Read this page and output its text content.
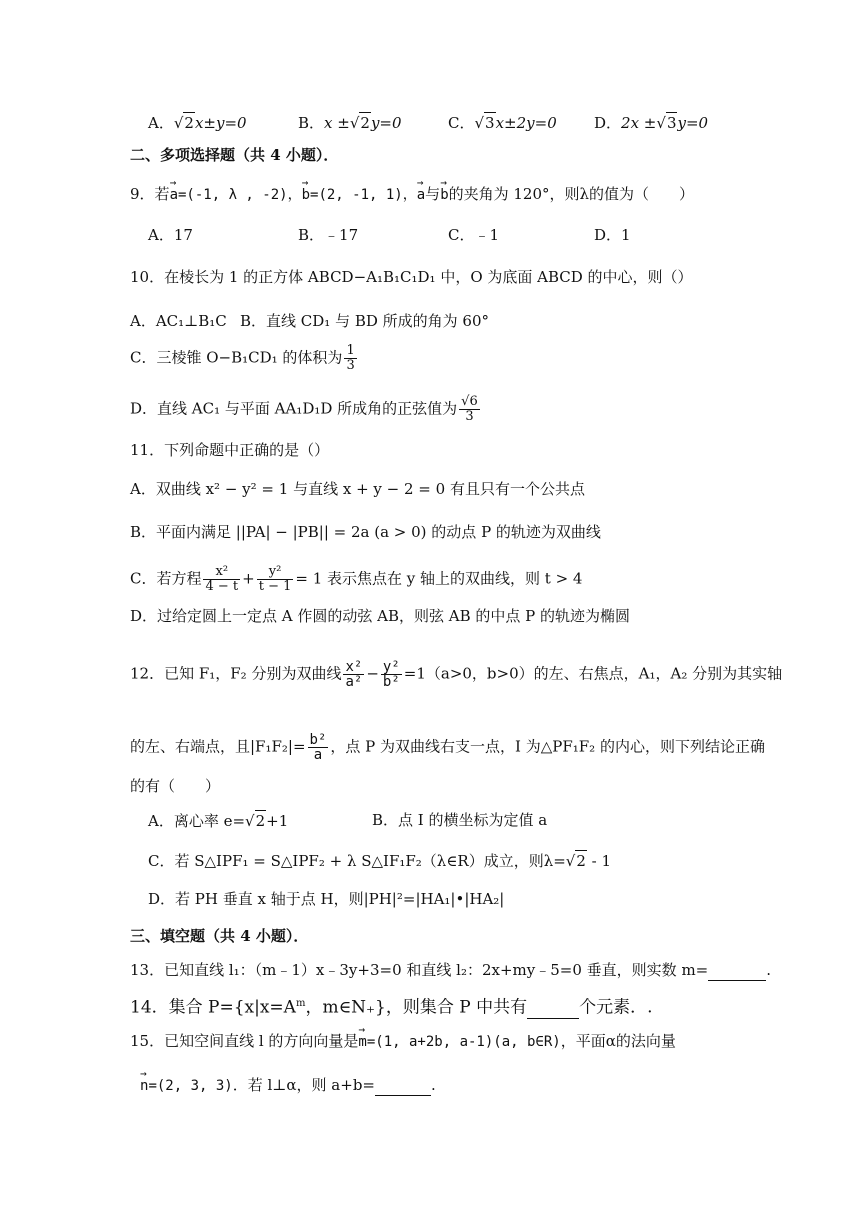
A．√2x±y=0	B．x ±√2y=0	C．√3x±2y=0 D．2x ±√3y=0
二、多项选择题（共 4 小题）．
9．若→ a=(-1, λ , -2)，→ b=(2, -1, 1)，→ a与→ b的夹角为 120°，则λ的值为（　　）
A．17	B．﹣17	C．﹣1	D．1
10．在棱长为 1 的正方体 ABCD−A₁B₁C₁D₁ 中，O 为底面 ABCD 的中心，则（）
A．AC₁⊥B₁C B．直线 CD₁ 与 BD 所成的角为 60°
C．三棱锥 O−B₁CD₁ 的体积为 $\frac{1}{3}$
D．直线 AC₁ 与平面 AA₁D₁D 所成角的正弦值为 $\frac{√6}{3}$
11．下列命题中正确的是（）
A．双曲线 x² − y² = 1 与直线 x + y − 2 = 0 有且只有一个公共点
B．平面内满足 ||PA| − |PB|| = 2a (a > 0) 的动点 P 的轨迹为双曲线
C．若方程 $\frac{\text{x²}}{4 - t} + \frac{\text{y²}}{t - 1} = 1$ 表示焦点在 y 轴上的双曲线，则 t > 4
D．过给定圆上一定点 A 作圆的动弦 AB，则弦 AB 的中点 P 的轨迹为椭圆
12．已知 F₁，F₂ 分别为双曲线 $\frac{\text{x²}}{\text{a²}} - \frac{\text{y²}}{\text{b²}} =1(a>0$，b>0）的左、右焦点，A₁，A₂ 分别为其实轴
的左、右端点，且$|F_1F_2|= \frac{\text{b²}}{a}$ ，点 P 为双曲线右支一点，I 为△PF₁F₂ 的内心，则下列结论正确
的有（　　）
A．离心率 e=√2+1	B．点 I 的横坐标为定值 a
C．若 S△IPF₁ = S△IPF₂ + λ S△IF₁F₂（λ∈R）成立，则λ=√2 - 1
D．若 PH 垂直 x 轴于点 H，则|PH|²=|HA₁|•|HA₂|
三、填空题（共 4 小题）．
13．已知直线 l₁：（m﹣1）x﹣3y+3=0 和直线 l₂：2x+my﹣5=0 垂直，则实数 m=	.
14．集合 $P=\{x|x=A^m$，m∈N₊}，则集合 P 中共有	个元素．.
15．已知空间直线 l 的方向向量是→ m=(1, a+2b, a-1)(a, b∈R)，平面α的法向量
→ n=(2, 3, 3)．若 l⊥α，则 a+b=	.
